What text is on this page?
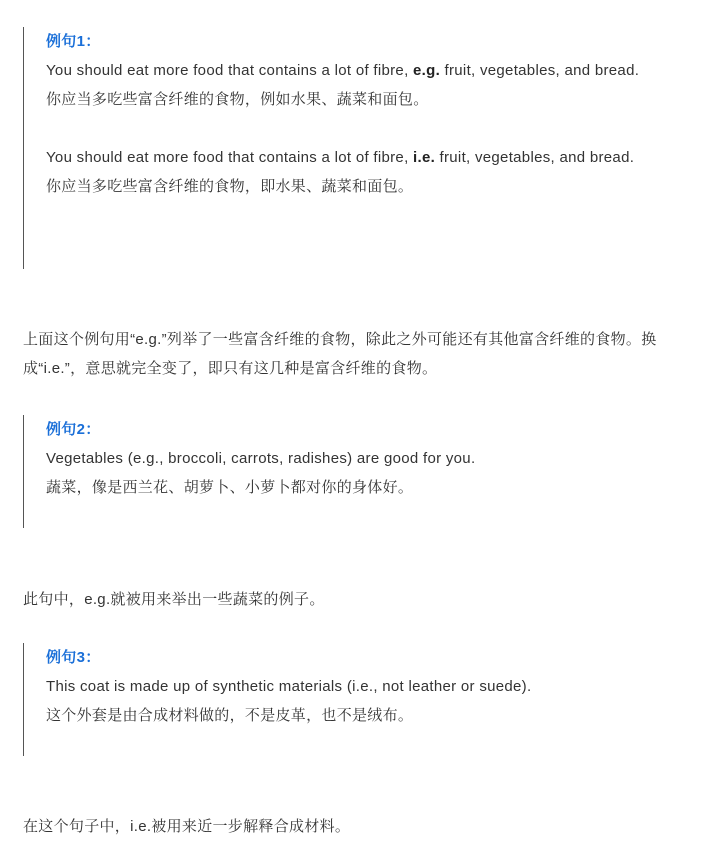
例句1：

You should eat more food that contains a lot of fibre, e.g. fruit, vegetables, and bread.

你应当多吃些富含纤维的食物，例如水果、蔬菜和面包。

You should eat more food that contains a lot of fibre, i.e. fruit, vegetables, and bread.

你应当多吃些富含纤维的食物，即水果、蔬菜和面包。

上面这个例句用“e.g.”列举了一些富含纤维的食物，除此之外可能还有其他富含纤维的食物。换成“i.e.”，意思就完全变了，即只有这几种是富含纤维的食物。

例句2：

Vegetables (e.g., broccoli, carrots, radishes) are good for you.

蔬菜，像是西兰花、胡萝卜、小萝卜都对你的身体好。

此句中，e.g.就被用来举出一些蔬菜的例子。

例句3：

This coat is made up of synthetic materials (i.e., not leather or suede).

这个外套是由合成材料做的，不是皮革，也不是绒布。

在这个句子中，i.e.被用来近一步解释合成材料。
